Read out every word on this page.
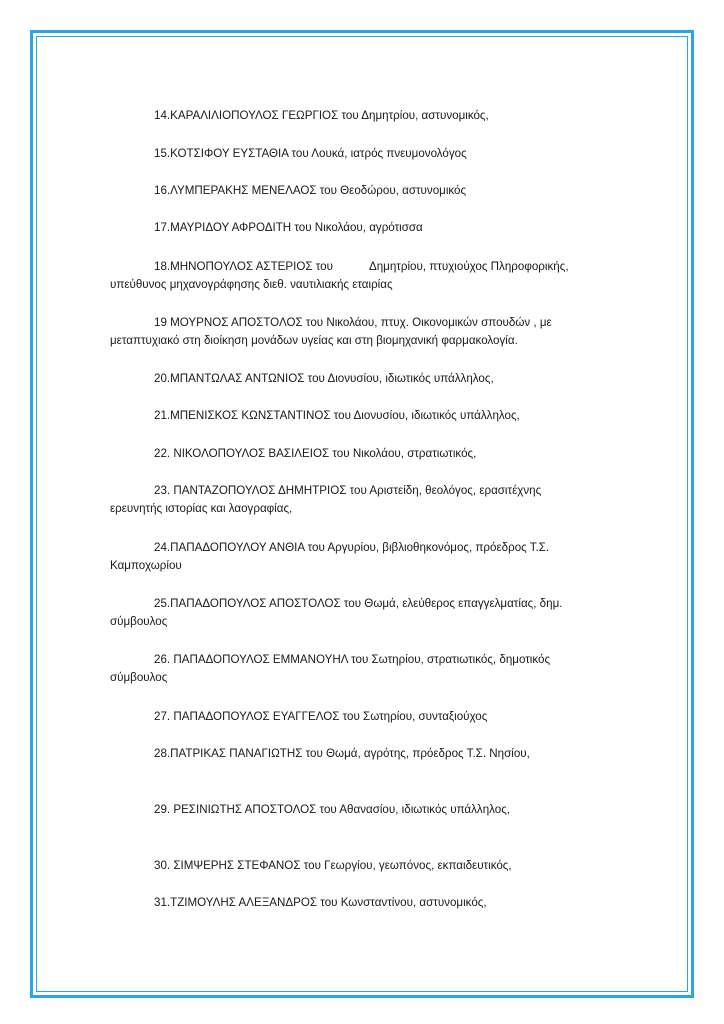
14.ΚΑΡΑΛΙΛΙΟΠΟΥΛΟΣ ΓΕΩΡΓΙΟΣ του Δημητρίου, αστυνομικός,

15.ΚΟΤΣΙΦΟΥ ΕΥΣΤΑΘΙΑ του Λουκά, ιατρός πνευμονολόγος

16.ΛΥΜΠΕΡΑΚΗΣ ΜΕΝΕΛΑΟΣ του Θεοδώρου, αστυνομικός

17.ΜΑΥΡΙΔΟΥ ΑΦΡΟΔΙΤΗ του Νικολάου, αγρότισσα

18.ΜΗΝΟΠΟΥΛΟΣ ΑΣΤΕΡΙΟΣ του	Δημητρίου, πτυχιούχος Πληροφορικής,
υπεύθυνος μηχανογράφησης διεθ. ναυτιλιακής εταιρίας

19 ΜΟΥΡΝΟΣ ΑΠΟΣΤΟΛΟΣ του Νικολάου, πτυχ. Οικονομικών σπουδών , με
μεταπτυχιακό στη διοίκηση μονάδων υγείας και στη βιομηχανική φαρμακολογία.

20.ΜΠΑΝΤΩΛΑΣ ΑΝΤΩΝΙΟΣ του Διονυσίου, ιδιωτικός υπάλληλος,

21.ΜΠΕΝΙΣΚΟΣ ΚΩΝΣΤΑΝΤΙΝΟΣ του Διονυσίου, ιδιωτικός υπάλληλος,

22. ΝΙΚΟΛΟΠΟΥΛΟΣ ΒΑΣΙΛΕΙΟΣ του Νικολάου, στρατιωτικός,

23. ΠΑΝΤΑΖΟΠΟΥΛΟΣ ΔΗΜΗΤΡΙΟΣ του Αριστείδη, θεολόγος, ερασιτέχνης
ερευνητής ιστορίας και λαογραφίας,

24.ΠΑΠΑΔΟΠΟΥΛΟΥ ΑΝΘΙΑ του Αργυρίου, βιβλιοθηκονόμος, πρόεδρος Τ.Σ.
Καμποχωρίου

25.ΠΑΠΑΔΟΠΟΥΛΟΣ ΑΠΟΣΤΟΛΟΣ του Θωμά, ελεύθερος επαγγελματίας, δημ.
σύμβουλος

26. ΠΑΠΑΔΟΠΟΥΛΟΣ ΕΜΜΑΝΟΥΗΛ του Σωτηρίου, στρατιωτικός, δημοτικός
σύμβουλος

27. ΠΑΠΑΔΟΠΟΥΛΟΣ ΕΥΑΓΓΕΛΟΣ του Σωτηρίου, συνταξιούχος

28.ΠΑΤΡΙΚΑΣ ΠΑΝΑΓΙΩΤΗΣ του Θωμά, αγρότης, πρόεδρος Τ.Σ. Νησίου,

29. ΡΕΣΙΝΙΩΤΗΣ ΑΠΟΣΤΟΛΟΣ του Αθανασίου, ιδιωτικός υπάλληλος,

30. ΣΙΜΨΕΡΗΣ ΣΤΕΦΑΝΟΣ του Γεωργίου, γεωπόνος, εκπαιδευτικός,

31.ΤΖΙΜΟΥΛΗΣ ΑΛΕΞΑΝΔΡΟΣ του Κωνσταντίνου, αστυνομικός,
